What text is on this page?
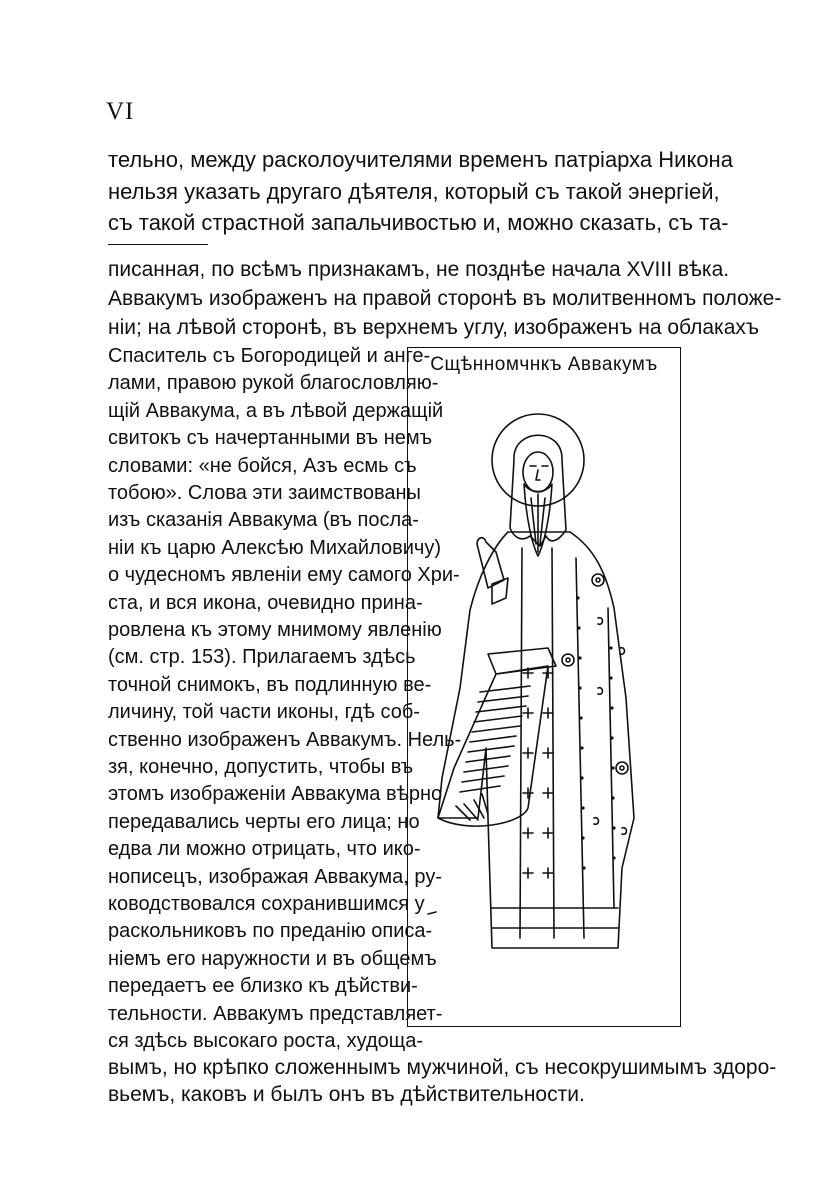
VI
тельно, между расколоучителями временъ патріарха Никона
нельзя указать другаго дѣятеля, который съ такой энергіей,
съ такой страстной запальчивостью и, можно сказать, съ та-
писанная, по всѣмъ признакамъ, не позднѣе начала XVIII вѣка.
Аввакумъ изображенъ на правой сторонѣ въ молитвенномъ положе-
ніи; на лѣвой сторонѣ, въ верхнемъ углу, изображенъ на облакахъ
Спаситель съ Богородицей и анге-
лами, правою рукой благословляю-
щій Аввакума, а въ лѣвой держащій
свитокъ съ начертанными въ немъ
словами: «не бойся, Азъ есмь съ
тобою». Слова эти заимствованы
изъ сказанія Аввакума (въ посла-
ніи къ царю Алексѣю Михайловичу)
о чудесномъ явленіи ему самого Хри-
ста, и вся икона, очевидно прина-
ровлена къ этому мнимому явленію
(см. стр. 153). Прилагаемъ здѣсь
точной снимокъ, въ подлинную ве-
личину, той части иконы, гдѣ соб-
ственно изображенъ Аввакумъ. Нель-
зя, конечно, допустить, чтобы въ
этомъ изображеніи Аввакума вѣрно
передавались черты его лица; но
едва ли можно отрицать, что ико-
нописецъ, изображая Аввакума, ру-
ководствовался сохранившимся у
раскольниковъ по преданію описа-
ніемъ его наружности и въ общемъ
передаетъ ее близко къ дѣйстви-
тельности. Аввакумъ представляет-
ся здѣсь высокаго роста, худоща-
вымъ, но крѣпко сложеннымъ мужчиной, съ несокрушимымъ здоро-
вьемъ, каковъ и былъ онъ въ дѣйствительности.
Сщѣнномчнкъ Аввакумъ
